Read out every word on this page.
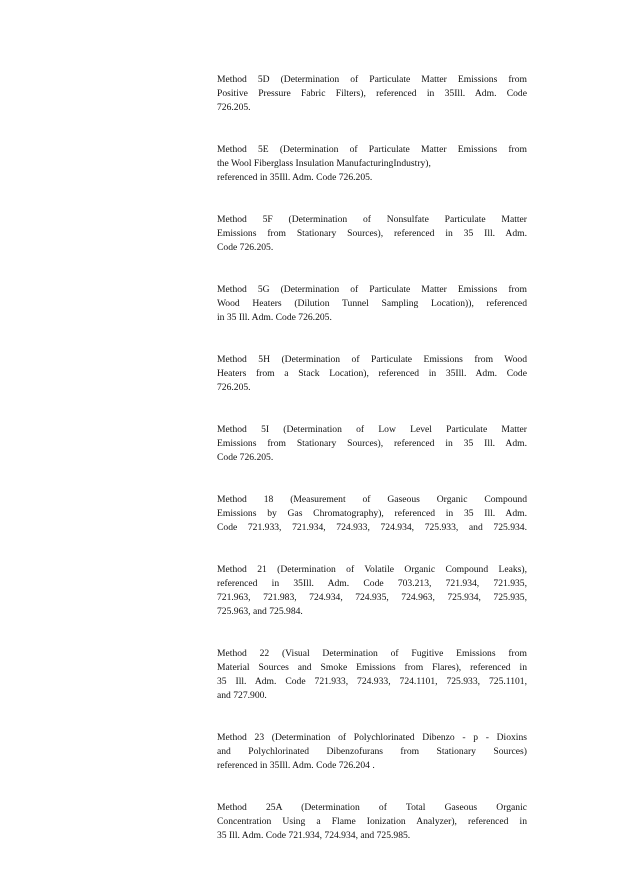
Method 5D (Determination of Particulate Matter Emissions from
Positive Pressure Fabric Filters), referenced in 35Ill. Adm. Code
726.205.
Method 5E (Determination of Particulate Matter Emissions from
the Wool Fiberglass Insulation ManufacturingIndustry),
referenced in 35Ill. Adm. Code 726.205.
Method 5F (Determination of Nonsulfate Particulate Matter
Emissions from Stationary Sources), referenced in 35 Ill. Adm.
Code 726.205.
Method 5G (Determination of Particulate Matter Emissions from
Wood Heaters (Dilution Tunnel Sampling Location)), referenced
in 35 Ill. Adm. Code 726.205.
Method 5H (Determination of Particulate Emissions from Wood
Heaters from a Stack Location), referenced in 35Ill. Adm. Code
726.205.
Method 5I (Determination of Low Level Particulate Matter
Emissions from Stationary Sources), referenced in 35 Ill. Adm.
Code 726.205.
Method 18 (Measurement of Gaseous Organic Compound
Emissions by Gas Chromatography), referenced in 35 Ill. Adm.
Code 721.933, 721.934, 724.933, 724.934, 725.933, and 725.934.
Method 21 (Determination of Volatile Organic Compound Leaks),
referenced in 35Ill. Adm. Code 703.213, 721.934, 721.935,
721.963, 721.983, 724.934, 724.935, 724.963, 725.934, 725.935,
725.963, and 725.984.
Method 22 (Visual Determination of Fugitive Emissions from
Material Sources and Smoke Emissions from Flares), referenced in
35 Ill. Adm. Code 721.933, 724.933, 724.1101, 725.933, 725.1101,
and 727.900.
Method 23 (Determination of Polychlorinated Dibenzo - p - Dioxins
and Polychlorinated Dibenzofurans from Stationary Sources)
referenced in 35Ill. Adm. Code 726.204 .
Method 25A (Determination of Total Gaseous Organic
Concentration Using a Flame Ionization Analyzer), referenced in
35 Ill. Adm. Code 721.934, 724.934, and 725.985.
